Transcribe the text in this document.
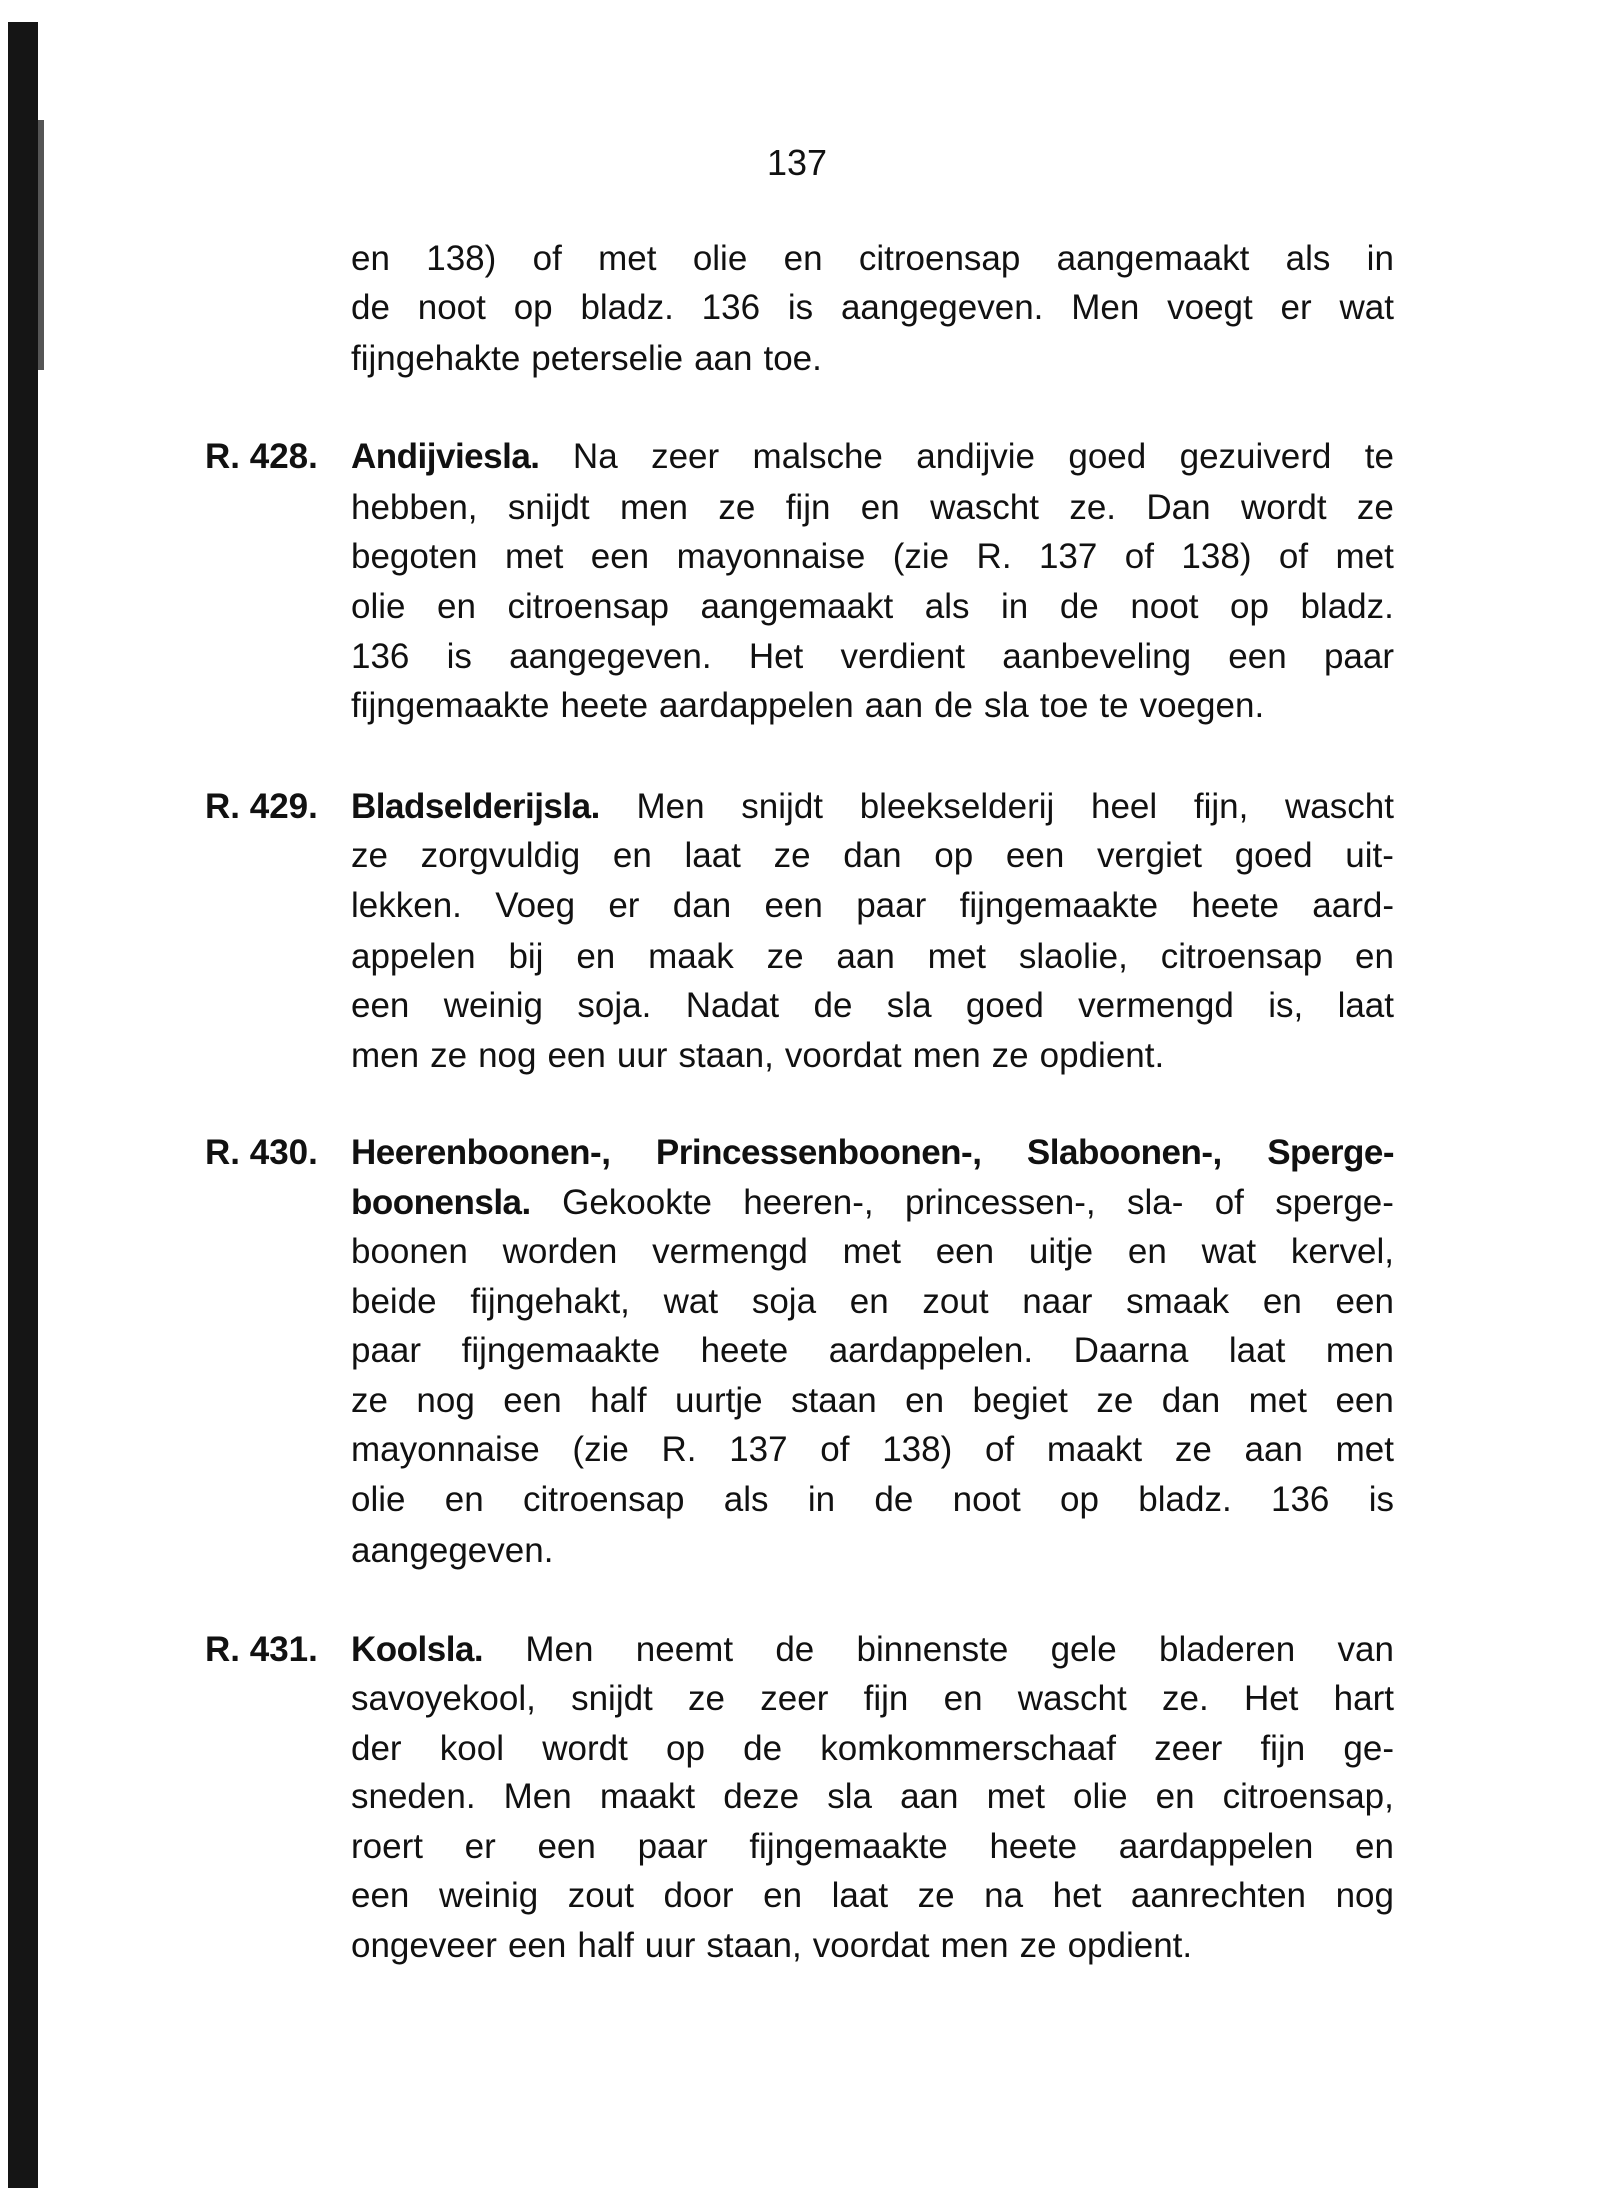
137
en 138) of met olie en citroensap aangemaakt als in
de noot op bladz. 136 is aangegeven. Men voegt er wat
fijngehakte peterselie aan toe.
R. 428. Andijviesla. Na zeer malsche andijvie goed gezuiverd te
hebben, snijdt men ze fijn en wascht ze. Dan wordt ze
begoten met een mayonnaise (zie R. 137 of 138) of met
olie en citroensap aangemaakt als in de noot op bladz.
136 is aangegeven. Het verdient aanbeveling een paar
fijngemaakte heete aardappelen aan de sla toe te voegen.
R. 429. Bladselderijsla. Men snijdt bleekselderij heel fijn, wascht
ze zorgvuldig en laat ze dan op een vergiet goed uit-
lekken. Voeg er dan een paar fijngemaakte heete aard-
appelen bij en maak ze aan met slaolie, citroensap en
een weinig soja. Nadat de sla goed vermengd is, laat
men ze nog een uur staan, voordat men ze opdient.
R. 430. Heerenboonen-, Princessenboonen-, Slaboonen-, Sperge-
boonensla. Gekookte heeren-, princessen-, sla- of sperge-
boonen worden vermengd met een uitje en wat kervel,
beide fijngehakt, wat soja en zout naar smaak en een
paar fijngemaakte heete aardappelen. Daarna laat men
ze nog een half uurtje staan en begiet ze dan met een
mayonnaise (zie R. 137 of 138) of maakt ze aan met
olie en citroensap als in de noot op bladz. 136 is
aangegeven.
R. 431. Koolsla. Men neemt de binnenste gele bladeren van
savoyekool, snijdt ze zeer fijn en wascht ze. Het hart
der kool wordt op de komkommerschaaf zeer fijn ge-
sneden. Men maakt deze sla aan met olie en citroensap,
roert er een paar fijngemaakte heete aardappelen en
een weinig zout door en laat ze na het aanrechten nog
ongeveer een half uur staan, voordat men ze opdient.
